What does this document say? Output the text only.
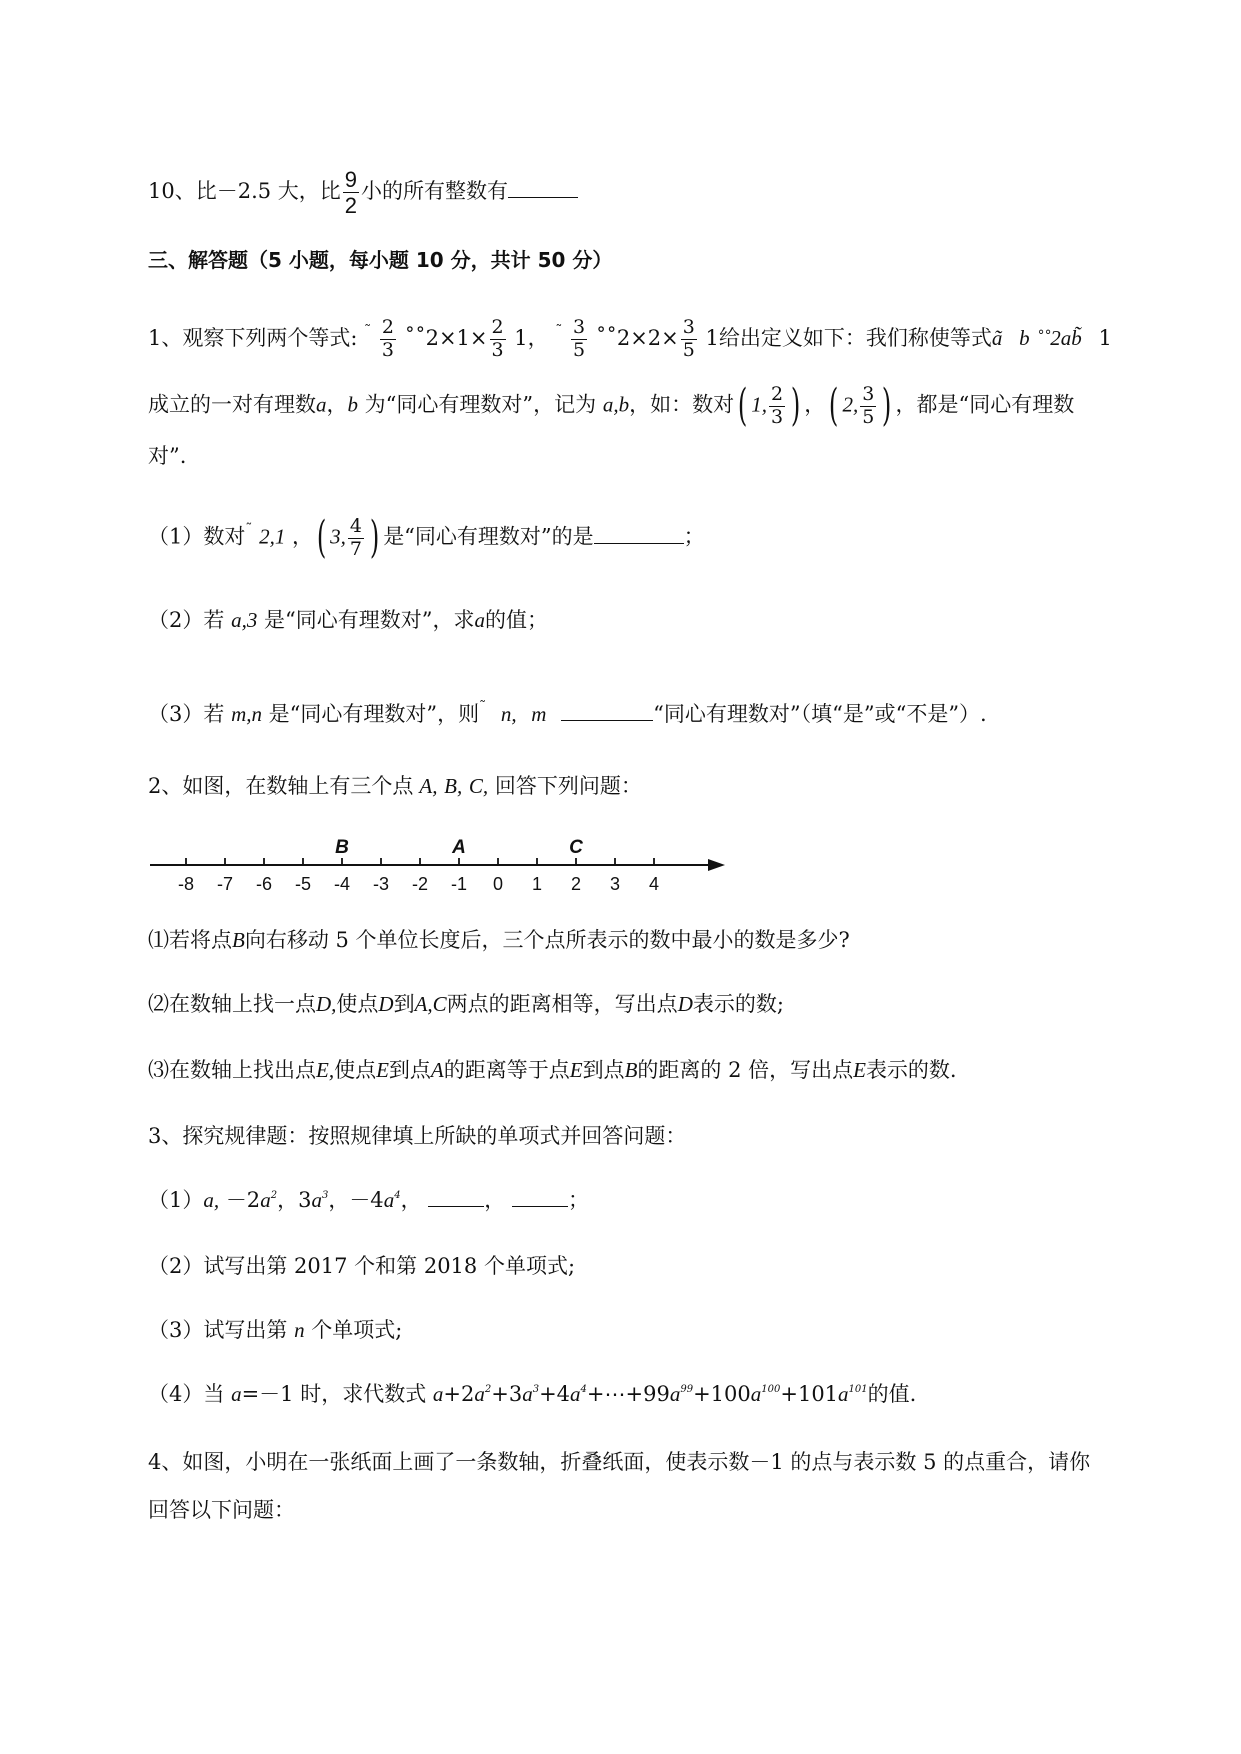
10、比－2.5 大，比 $\frac{9}{2}$ 小的所有整数有
三、解答题（5 小题，每小题 10 分，共计 50 分）
1、观察下列两个等式: $^˜ \frac{2}{3}$ ˚˚2×1× $\frac{2}{3} 1$， $^˜ \frac{3}{5}$ ˚˚2×2× $\frac{3}{5} 1$给出定义如下：我们称使等式ã b ˚˚2ab̃ 1
成立的一对有理数a，b 为“同心有理数对”，记为 a,b，如：数对( 1, $\frac{2}{3}$ ) ，( 2, $\frac{3}{5}$ ) ，都是“同心有理数
对”.
（1）数对˜ 2,1 ，( 3, $\frac{4}{7}$ ) 是“同心有理数对”的是	；
（2）若 a,3 是“同心有理数对”，求a的值；
（3）若 m,n 是“同心有理数对”，则˜ n, m	“同心有理数对”（填“是”或“不是”）.
2、如图，在数轴上有三个点 A, B, C, 回答下列问题：
-8 -7 -6 -5 -4 -3 -2 -1 0 1 2 3 4
B	A	C
⑴若将点B向右移动 5 个单位长度后，三个点所表示的数中最小的数是多少?
⑵在数轴上找一点D,使点D到A,C两点的距离相等，写出点D表示的数;
⑶在数轴上找出点E,使点E到点A的距离等于点E到点B的距离的 2 倍，写出点E表示的数.
3、探究规律题：按照规律填上所缺的单项式并回答问题：
（1）a, $-2a^2$，$3a^3$，$-4a^4$，	，	；
（2）试写出第 2017 个和第 2018 个单项式;
（3）试写出第 n 个单项式;
（4）当 a=－1 时，求代数式 $a+2a^2+3a^3+4a^4+\cdots+99a^{99}+100a^{100}+101a^{101}$的值.
4、如图，小明在一张纸面上画了一条数轴，折叠纸面，使表示数－1 的点与表示数 5 的点重合，请你
回答以下问题：
